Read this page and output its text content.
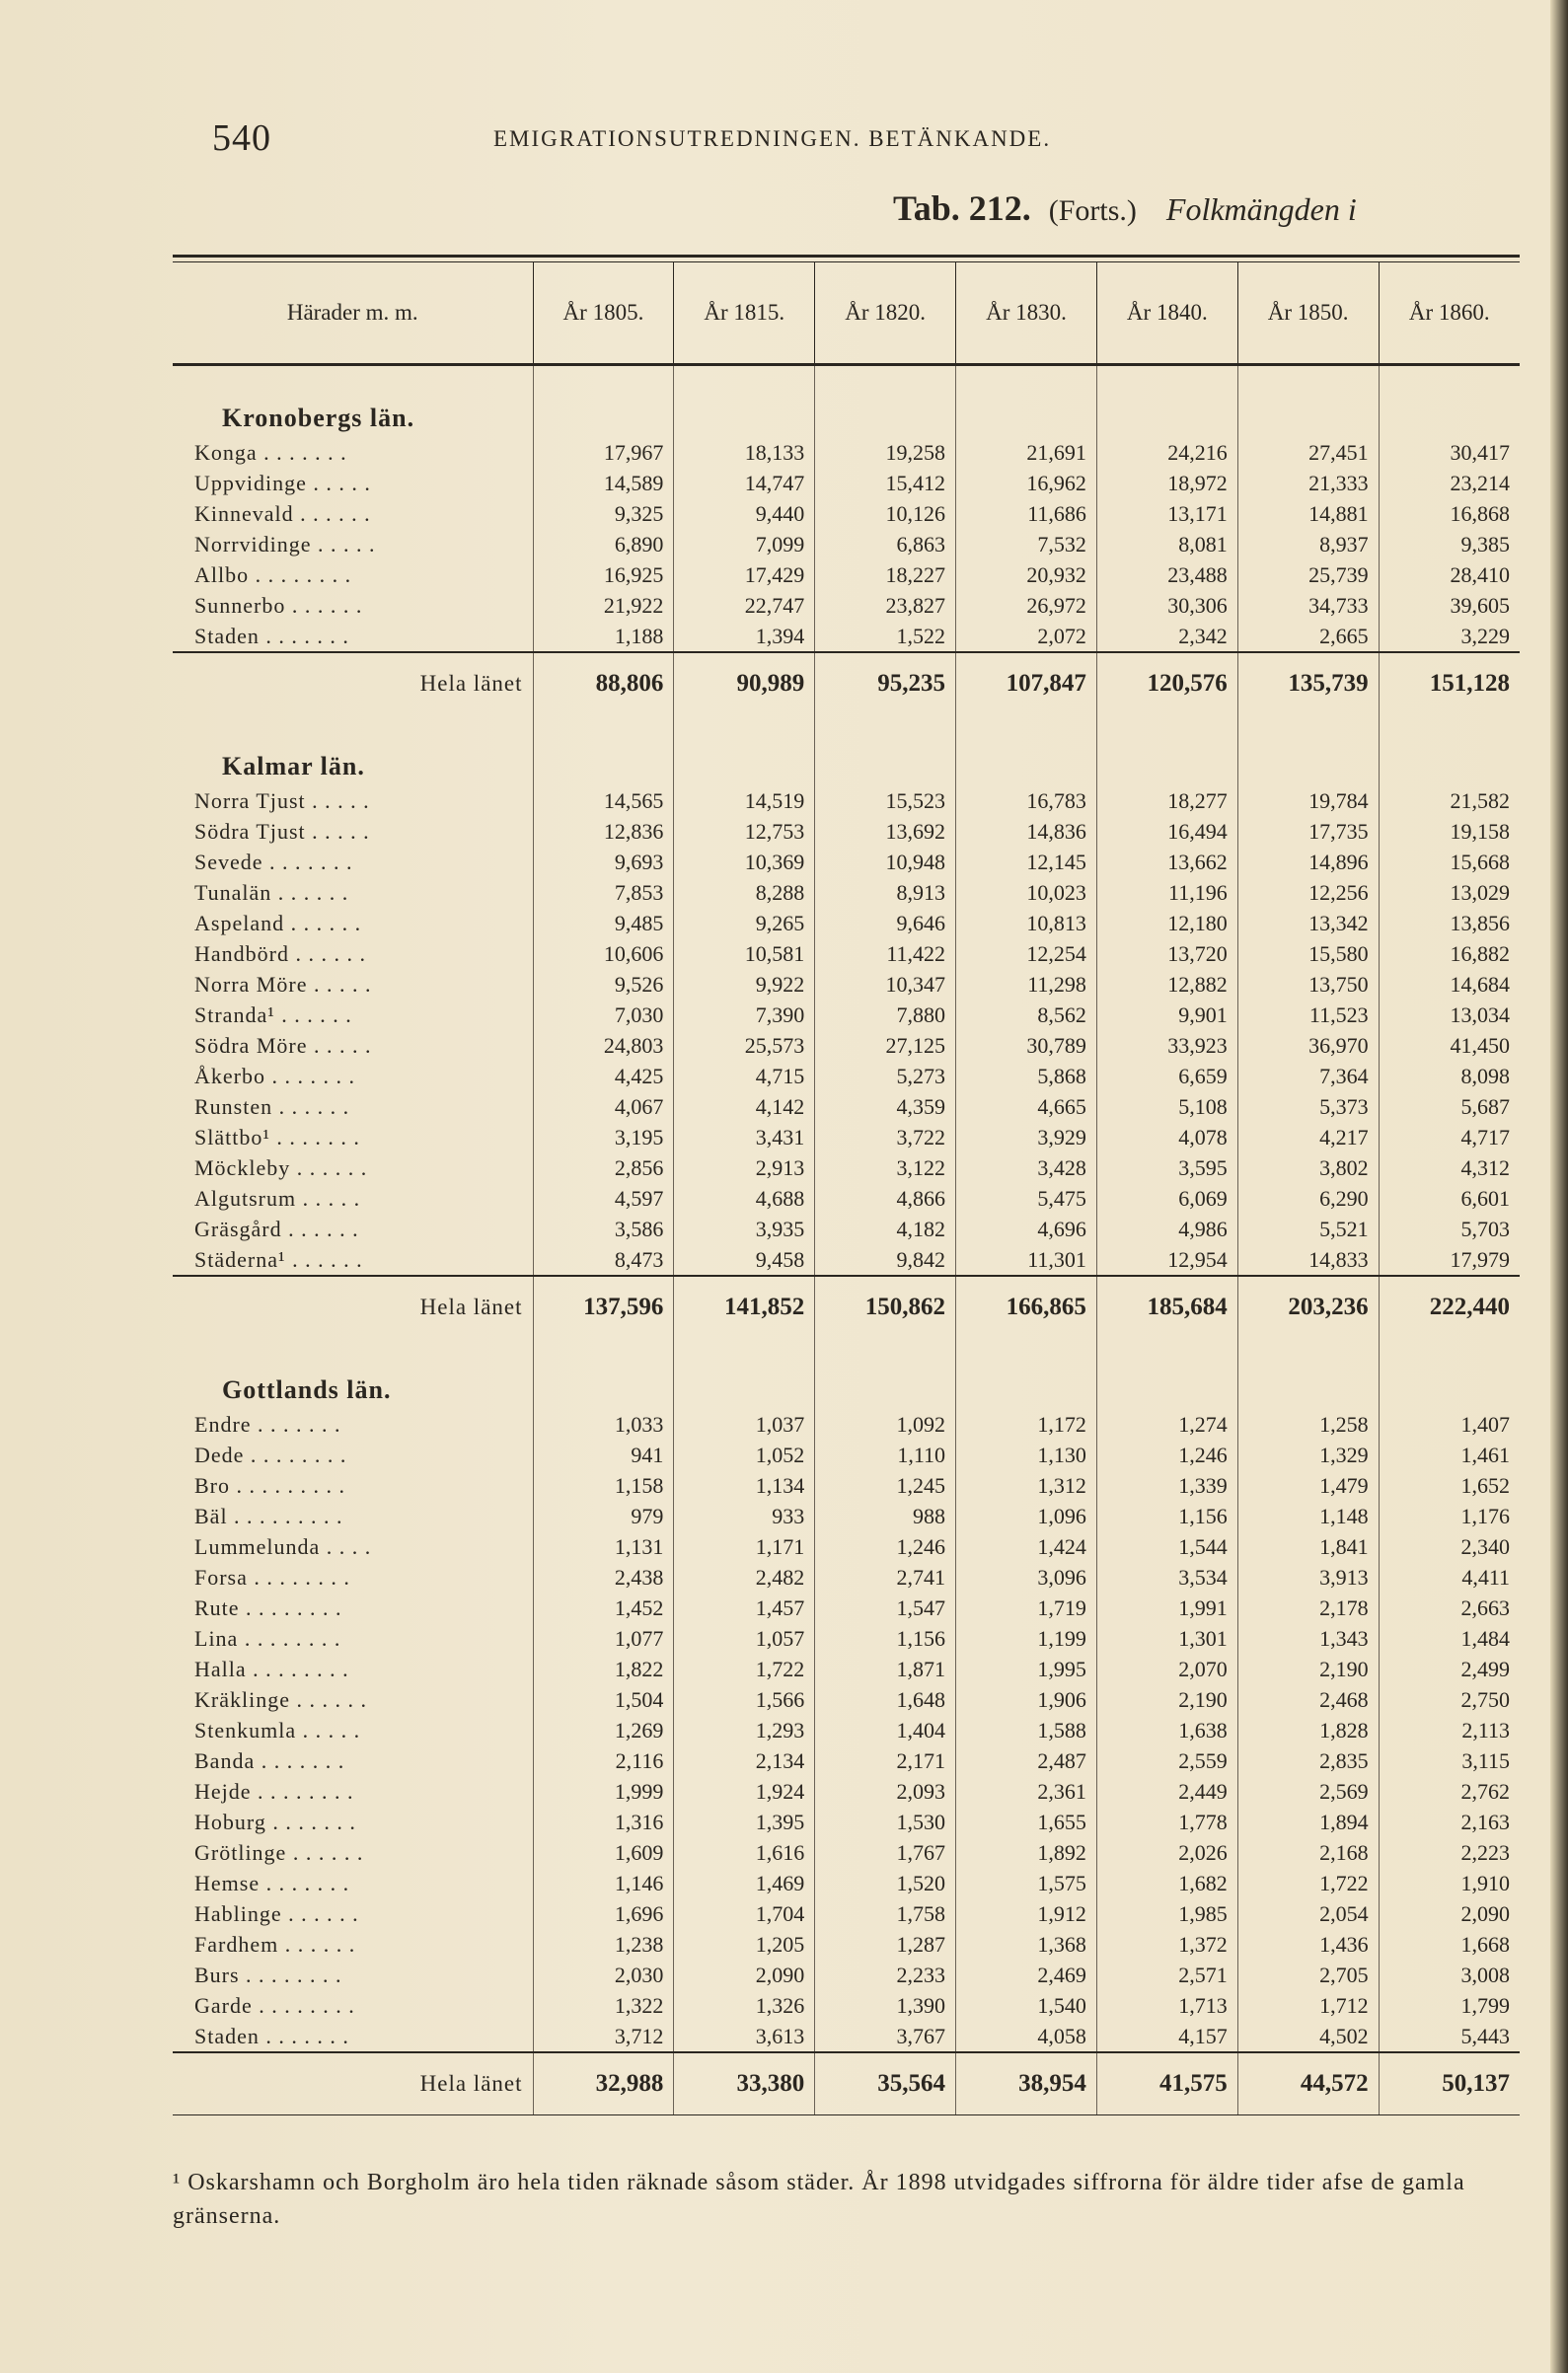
540	EMIGRATIONSUTREDNINGEN. BETÄNKANDE.
Tab. 212. (Forts.) Folkmängden i
Härader m. m.	År 1805.	År 1815.	År 1820.	År 1830.	År 1840.	År 1850.	År 1860.
Kronobergs län.							
Konga . . . . . . .	17,967	18,133	19,258	21,691	24,216	27,451	30,417
Uppvidinge . . . . .	14,589	14,747	15,412	16,962	18,972	21,333	23,214
Kinnevald . . . . . .	9,325	9,440	10,126	11,686	13,171	14,881	16,868
Norrvidinge . . . . .	6,890	7,099	6,863	7,532	8,081	8,937	9,385
Allbo . . . . . . . .	16,925	17,429	18,227	20,932	23,488	25,739	28,410
Sunnerbo . . . . . .	21,922	22,747	23,827	26,972	30,306	34,733	39,605
Staden . . . . . . .	1,188	1,394	1,522	2,072	2,342	2,665	3,229
Hela länet	88,806	90,989	95,235	107,847	120,576	135,739	151,128
Kalmar län.							
Norra Tjust . . . . .	14,565	14,519	15,523	16,783	18,277	19,784	21,582
Södra Tjust . . . . .	12,836	12,753	13,692	14,836	16,494	17,735	19,158
Sevede . . . . . . .	9,693	10,369	10,948	12,145	13,662	14,896	15,668
Tunalän . . . . . .	7,853	8,288	8,913	10,023	11,196	12,256	13,029
Aspeland . . . . . .	9,485	9,265	9,646	10,813	12,180	13,342	13,856
Handbörd . . . . . .	10,606	10,581	11,422	12,254	13,720	15,580	16,882
Norra Möre . . . . .	9,526	9,922	10,347	11,298	12,882	13,750	14,684
Stranda¹ . . . . . .	7,030	7,390	7,880	8,562	9,901	11,523	13,034
Södra Möre . . . . .	24,803	25,573	27,125	30,789	33,923	36,970	41,450
Åkerbo . . . . . . .	4,425	4,715	5,273	5,868	6,659	7,364	8,098
Runsten . . . . . .	4,067	4,142	4,359	4,665	5,108	5,373	5,687
Slättbo¹ . . . . . . .	3,195	3,431	3,722	3,929	4,078	4,217	4,717
Möckleby . . . . . .	2,856	2,913	3,122	3,428	3,595	3,802	4,312
Algutsrum . . . . .	4,597	4,688	4,866	5,475	6,069	6,290	6,601
Gräsgård . . . . . .	3,586	3,935	4,182	4,696	4,986	5,521	5,703
Städerna¹ . . . . . .	8,473	9,458	9,842	11,301	12,954	14,833	17,979
Hela länet	137,596	141,852	150,862	166,865	185,684	203,236	222,440
Gottlands län.							
Endre . . . . . . .	1,033	1,037	1,092	1,172	1,274	1,258	1,407
Dede . . . . . . . .	941	1,052	1,110	1,130	1,246	1,329	1,461
Bro . . . . . . . . .	1,158	1,134	1,245	1,312	1,339	1,479	1,652
Bäl . . . . . . . . .	979	933	988	1,096	1,156	1,148	1,176
Lummelunda . . . .	1,131	1,171	1,246	1,424	1,544	1,841	2,340
Forsa . . . . . . . .	2,438	2,482	2,741	3,096	3,534	3,913	4,411
Rute . . . . . . . .	1,452	1,457	1,547	1,719	1,991	2,178	2,663
Lina . . . . . . . .	1,077	1,057	1,156	1,199	1,301	1,343	1,484
Halla . . . . . . . .	1,822	1,722	1,871	1,995	2,070	2,190	2,499
Kräklinge . . . . . .	1,504	1,566	1,648	1,906	2,190	2,468	2,750
Stenkumla . . . . .	1,269	1,293	1,404	1,588	1,638	1,828	2,113
Banda . . . . . . .	2,116	2,134	2,171	2,487	2,559	2,835	3,115
Hejde . . . . . . . .	1,999	1,924	2,093	2,361	2,449	2,569	2,762
Hoburg . . . . . . .	1,316	1,395	1,530	1,655	1,778	1,894	2,163
Grötlinge . . . . . .	1,609	1,616	1,767	1,892	2,026	2,168	2,223
Hemse . . . . . . .	1,146	1,469	1,520	1,575	1,682	1,722	1,910
Hablinge . . . . . .	1,696	1,704	1,758	1,912	1,985	2,054	2,090
Fardhem . . . . . .	1,238	1,205	1,287	1,368	1,372	1,436	1,668
Burs . . . . . . . .	2,030	2,090	2,233	2,469	2,571	2,705	3,008
Garde . . . . . . . .	1,322	1,326	1,390	1,540	1,713	1,712	1,799
Staden . . . . . . .	3,712	3,613	3,767	4,058	4,157	4,502	5,443
Hela länet	32,988	33,380	35,564	38,954	41,575	44,572	50,137
¹ Oskarshamn och Borgholm äro hela tiden räknade såsom städer. År 1898 utvidgades siffrorna för äldre tider afse de gamla gränserna.
